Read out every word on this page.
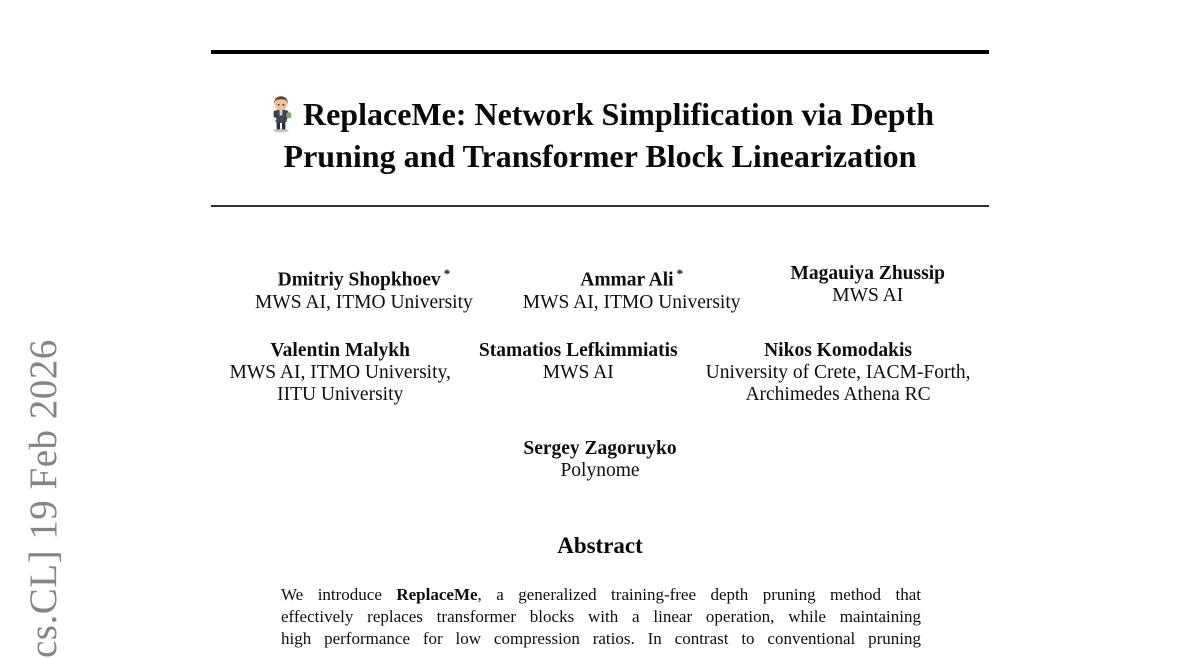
cs.CL] 19 Feb 2026
ReplaceMe: Network Simplification via Depth
Pruning and Transformer Block Linearization
Dmitriy Shopkhoev *
MWS AI, ITMO University
Ammar Ali *
MWS AI, ITMO University
Magauiya Zhussip
MWS AI
Valentin Malykh
MWS AI, ITMO University,
IITU University
Stamatios Lefkimmiatis
MWS AI
Nikos Komodakis
University of Crete, IACM-Forth,
Archimedes Athena RC
Sergey Zagoruyko
Polynome
Abstract
We introduce ReplaceMe, a generalized training-free depth pruning method that
effectively replaces transformer blocks with a linear operation, while maintaining
high performance for low compression ratios. In contrast to conventional pruning
